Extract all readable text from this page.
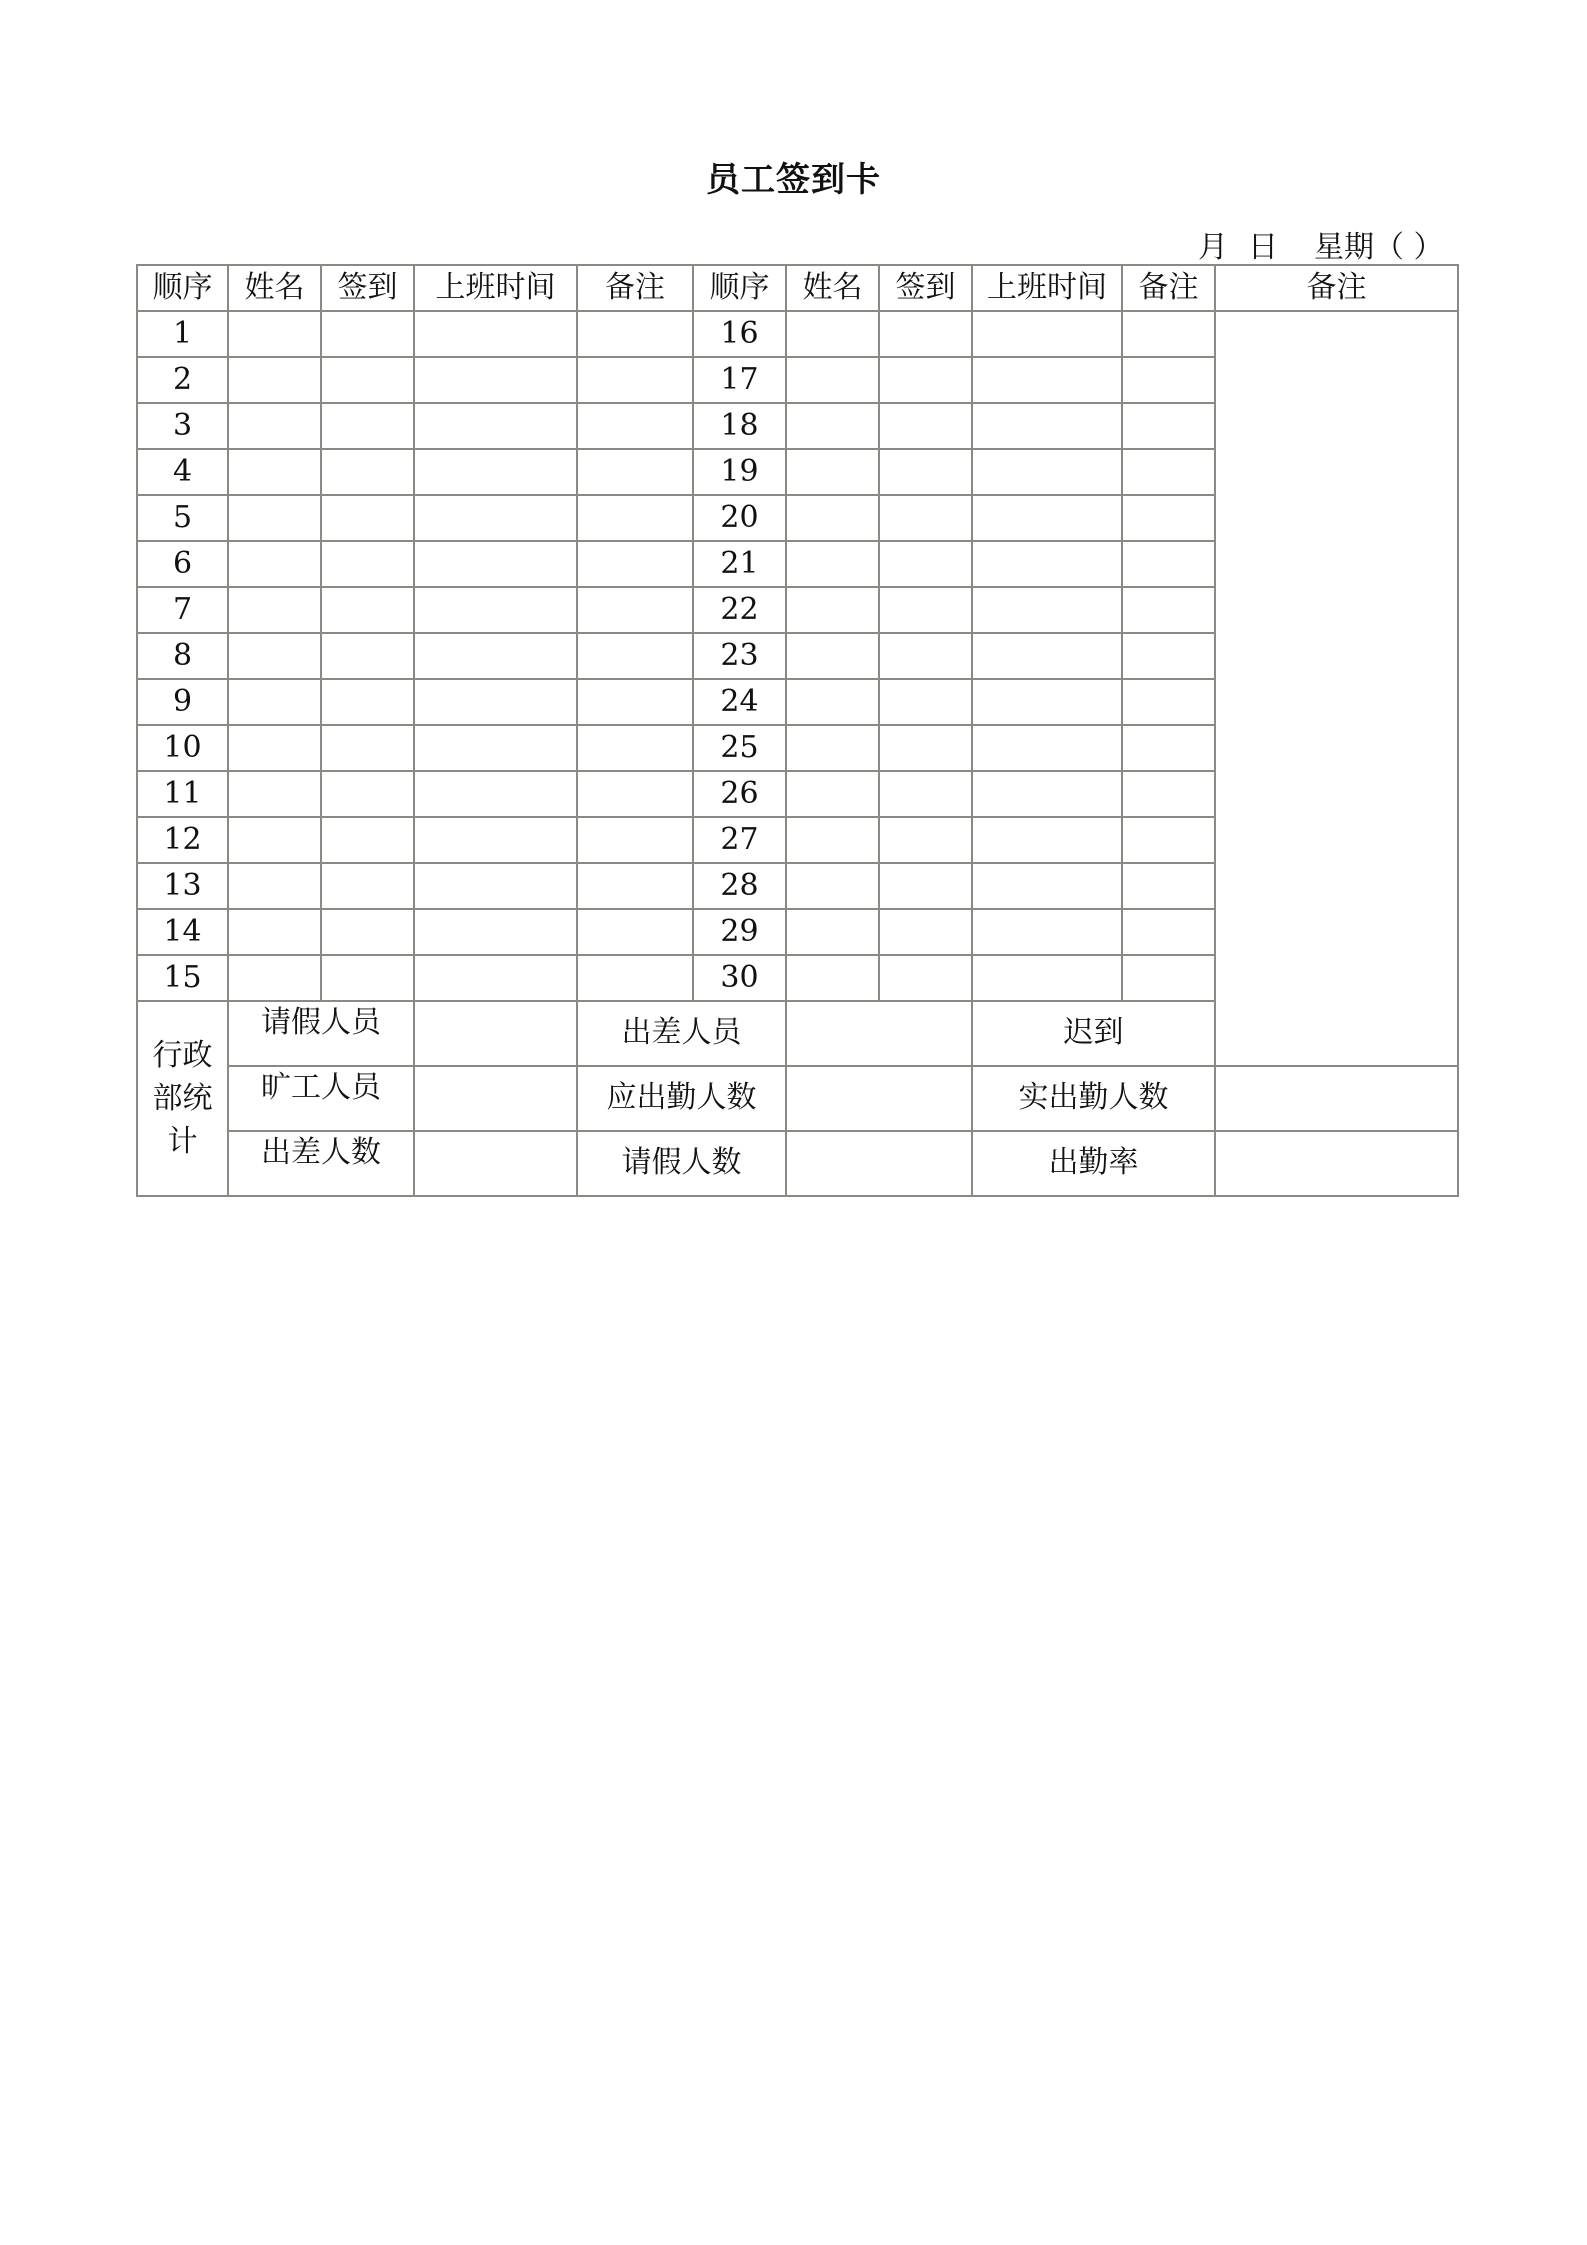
员工签到卡
月 日 星期（ ）
顺序	姓名	签到	上班时间	备注	顺序	姓名	签到	上班时间	备注	备注	
1					16						
2					17						
3					18						
4					19						
5					20						
6					21						
7					22						
8					23						
9					24						
10					25						
11					26						
12					27						
13					28						
14					29						
15					30						
行政部统计	请假人员			出差人员				迟到			
	旷工人员			应出勤人数				实出勤人数			
	出差人数			请假人数				出勤率			
